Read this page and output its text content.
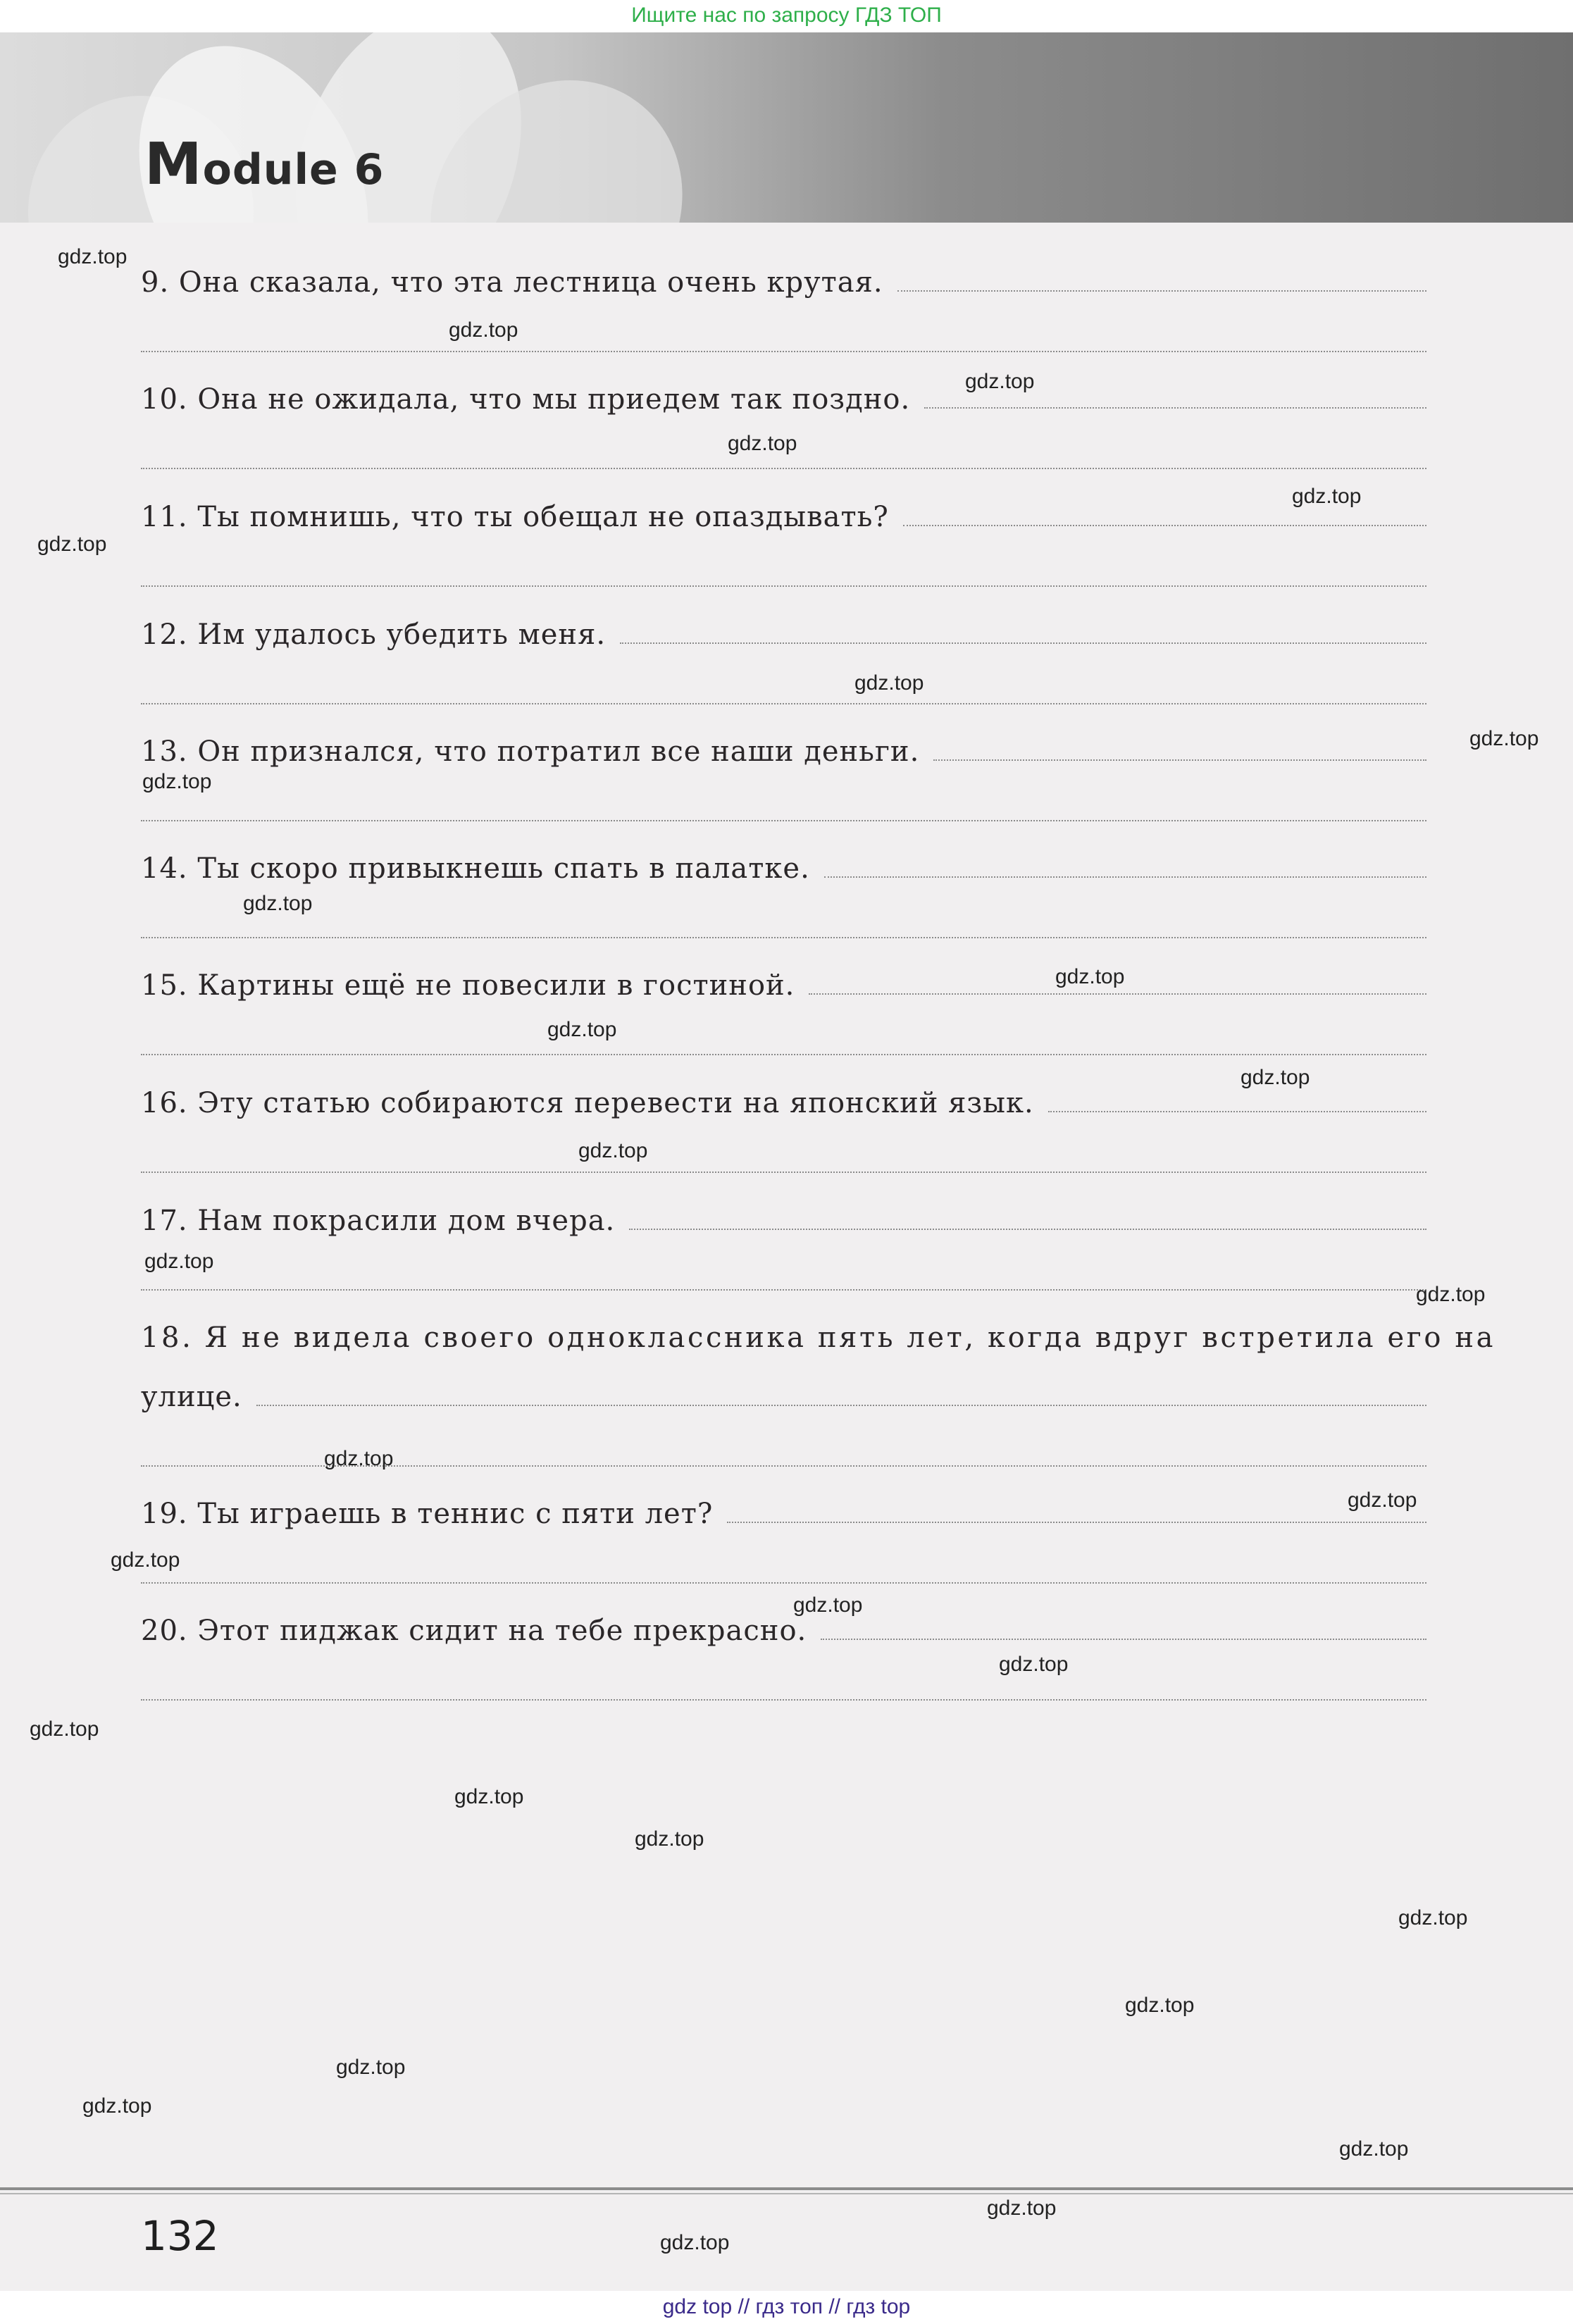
Ищите нас по запросу ГДЗ ТОП
Module 6
9. Она сказала, что эта лестница очень крутая.
10. Она не ожидала, что мы приедем так поздно.
11. Ты помнишь, что ты обещал не опаздывать?
12. Им удалось убедить меня.
13. Он признался, что потратил все наши деньги.
14. Ты скоро привыкнешь спать в палатке.
15. Картины ещё не повесили в гостиной.
16. Эту статью собираются перевести на японский язык.
17. Нам покрасили дом вчера.
18. Я не видела своего одноклассника пять лет, когда вдруг встретила его на
улице.
19. Ты играешь в теннис с пяти лет?
20. Этот пиджак сидит на тебе прекрасно.
gdz.top
gdz.top
gdz.top
gdz.top
gdz.top
gdz.top
gdz.top
gdz.top
gdz.top
gdz.top
gdz.top
gdz.top
gdz.top
gdz.top
gdz.top
gdz.top
gdz.top
gdz.top
gdz.top
gdz.top
gdz.top
gdz.top
gdz.top
gdz.top
gdz.top
gdz.top
gdz.top
gdz.top
gdz.top
gdz.top
gdz.top
132
gdz top // гдз топ // гдз top
